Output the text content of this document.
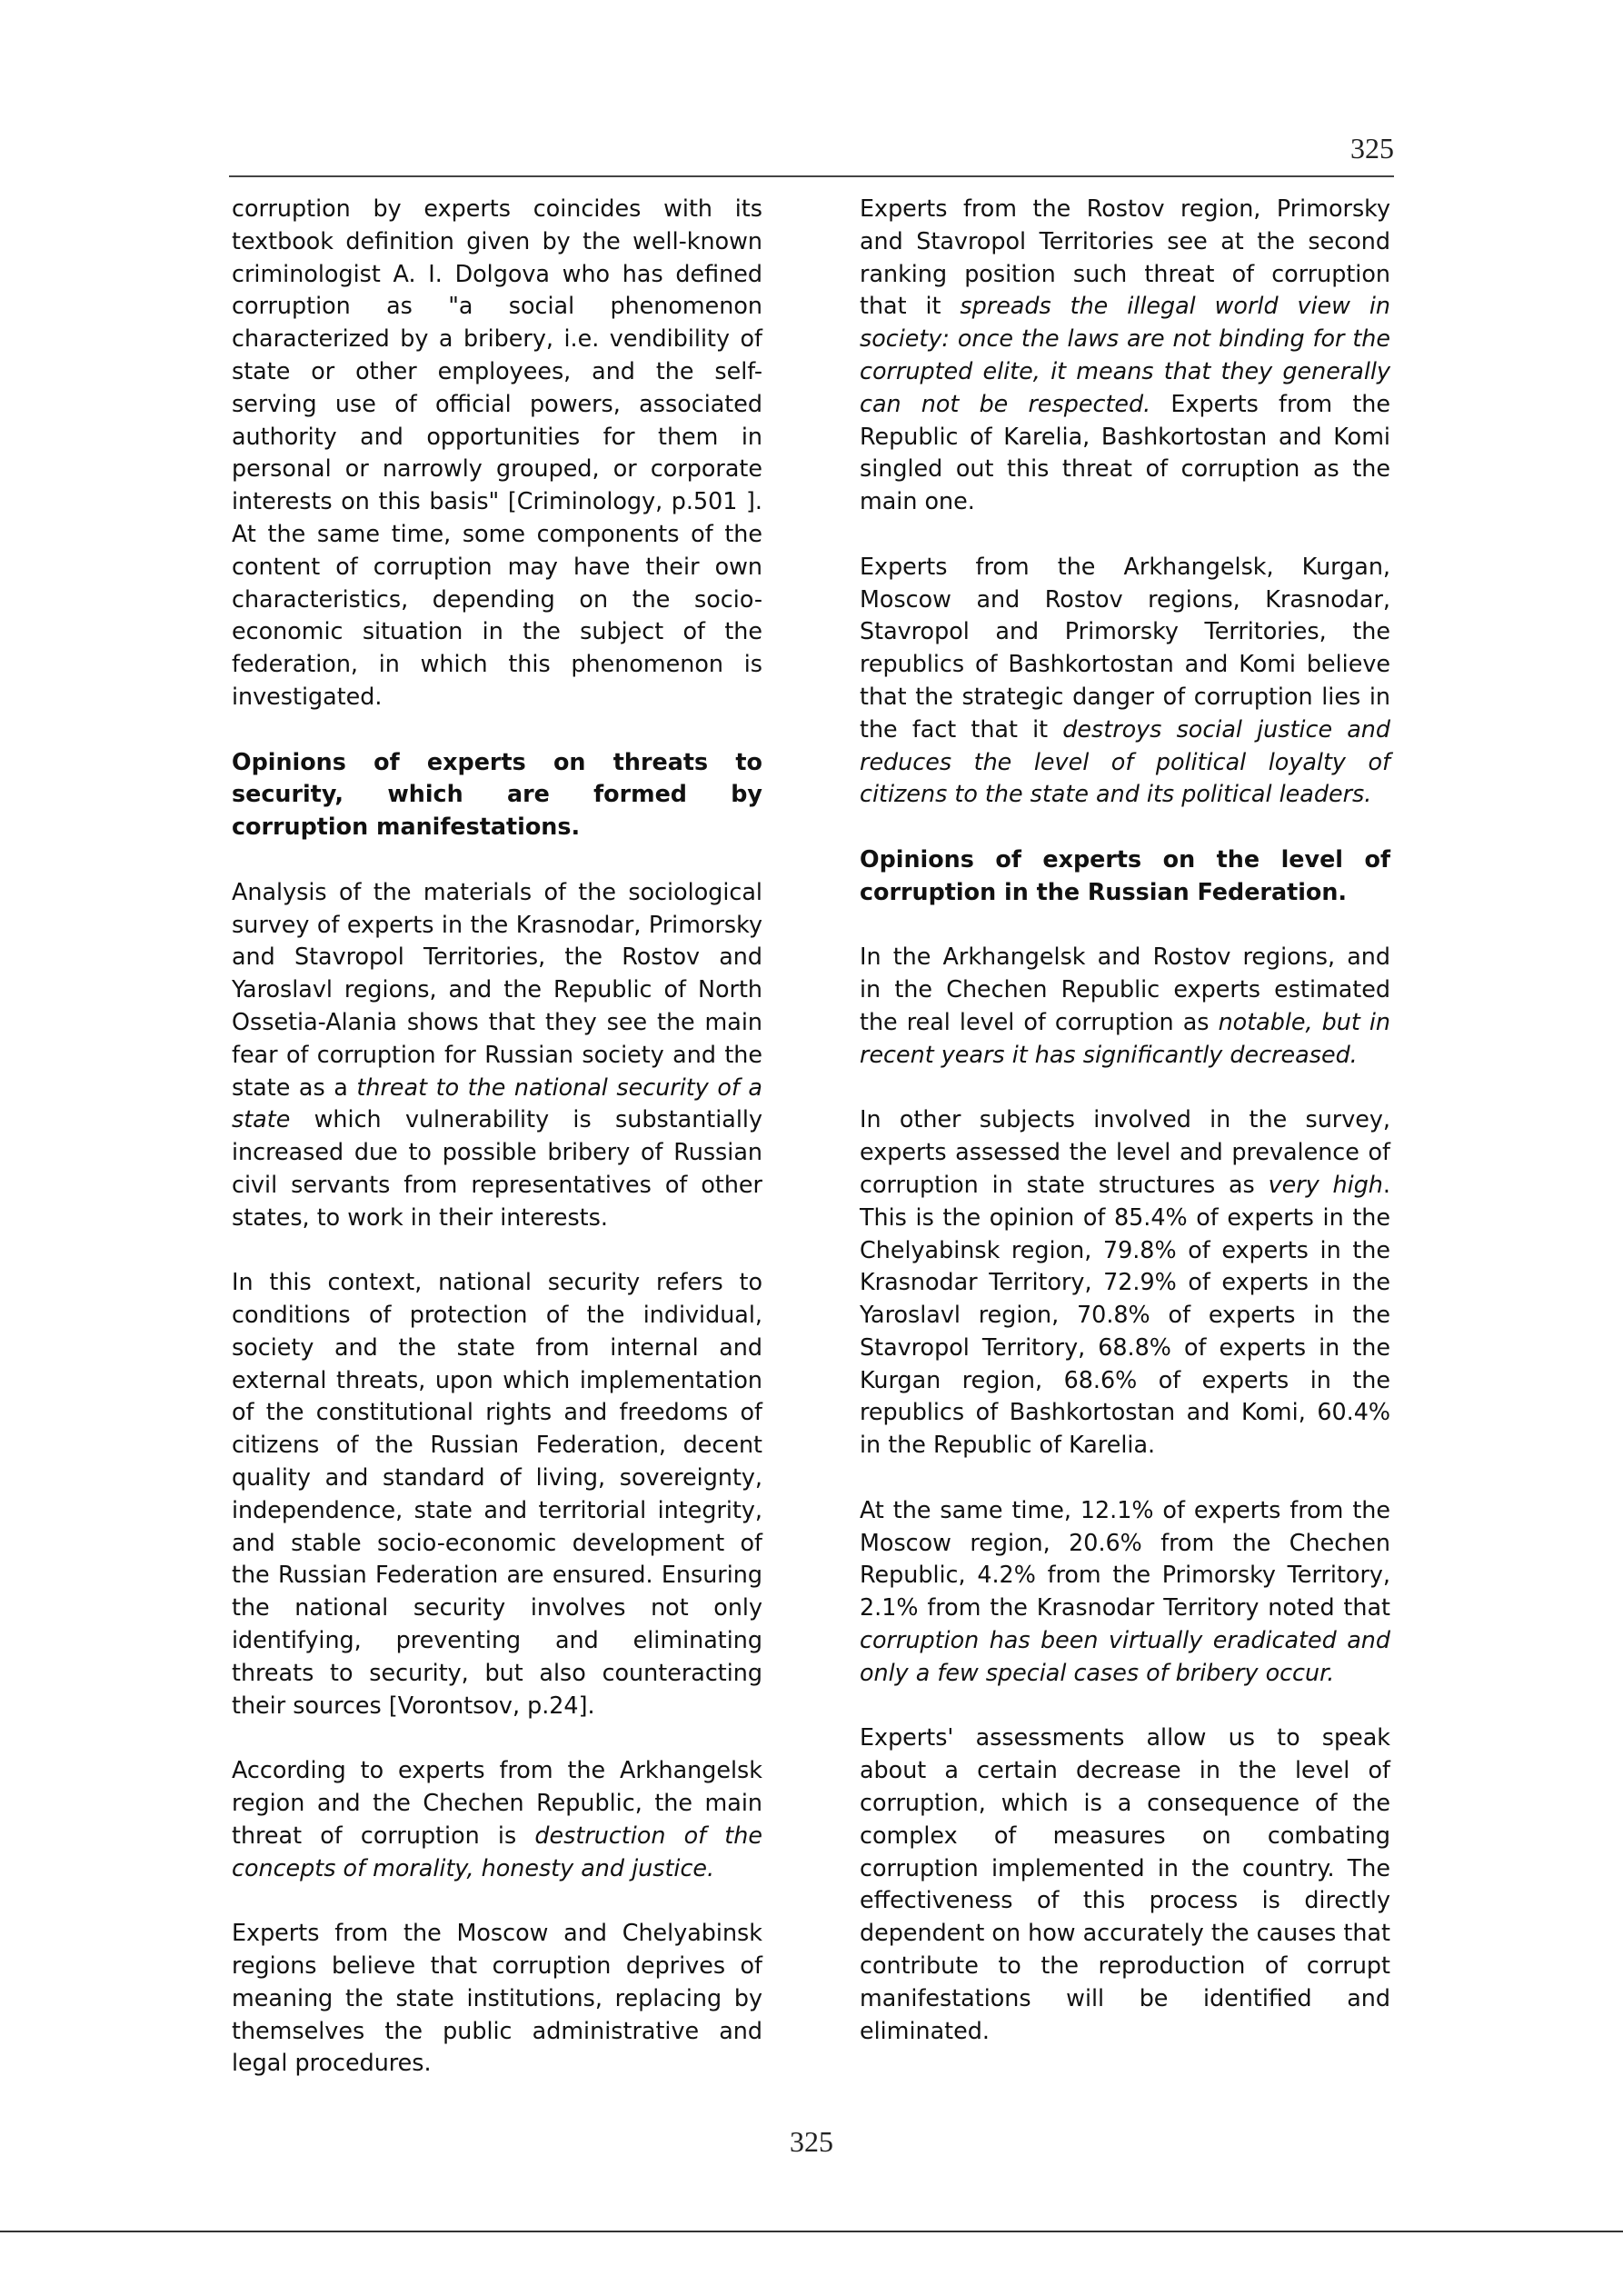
325

corruption by experts coincides with its textbook definition given by the well-known criminologist A. I. Dolgova who has defined corruption as "a social phenomenon characterized by a bribery, i.e. vendibility of state or other employees, and the self-serving use of official powers, associated authority and opportunities for them in personal or narrowly grouped, or corporate interests on this basis" [Criminology, p.501 ]. At the same time, some components of the content of corruption may have their own characteristics, depending on the socio-economic situation in the subject of the federation, in which this phenomenon is investigated.

Opinions of experts on threats to security, which are formed by corruption manifestations.

Analysis of the materials of the sociological survey of experts in the Krasnodar, Primorsky and Stavropol Territories, the Rostov and Yaroslavl regions, and the Republic of North Ossetia-Alania shows that they see the main fear of corruption for Russian society and the state as a threat to the national security of a state which vulnerability is substantially increased due to possible bribery of Russian civil servants from representatives of other states, to work in their interests.

In this context, national security refers to conditions of protection of the individual, society and the state from internal and external threats, upon which implementation of the constitutional rights and freedoms of citizens of the Russian Federation, decent quality and standard of living, sovereignty, independence, state and territorial integrity, and stable socio-economic development of the Russian Federation are ensured. Ensuring the national security involves not only identifying, preventing and eliminating threats to security, but also counteracting their sources [Vorontsov, p.24].

According to experts from the Arkhangelsk region and the Chechen Republic, the main threat of corruption is destruction of the concepts of morality, honesty and justice.

Experts from the Moscow and Chelyabinsk regions believe that corruption deprives of meaning the state institutions, replacing by themselves the public administrative and legal procedures.

Experts from the Rostov region, Primorsky and Stavropol Territories see at the second ranking position such threat of corruption that it spreads the illegal world view in society: once the laws are not binding for the corrupted elite, it means that they generally can not be respected. Experts from the Republic of Karelia, Bashkortostan and Komi singled out this threat of corruption as the main one.

Experts from the Arkhangelsk, Kurgan, Moscow and Rostov regions, Krasnodar, Stavropol and Primorsky Territories, the republics of Bashkortostan and Komi believe that the strategic danger of corruption lies in the fact that it destroys social justice and reduces the level of political loyalty of citizens to the state and its political leaders.

Opinions of experts on the level of corruption in the Russian Federation.

In the Arkhangelsk and Rostov regions, and in the Chechen Republic experts estimated the real level of corruption as notable, but in recent years it has significantly decreased.

In other subjects involved in the survey, experts assessed the level and prevalence of corruption in state structures as very high. This is the opinion of 85.4% of experts in the Chelyabinsk region, 79.8% of experts in the Krasnodar Territory, 72.9% of experts in the Yaroslavl region, 70.8% of experts in the Stavropol Territory, 68.8% of experts in the Kurgan region, 68.6% of experts in the republics of Bashkortostan and Komi, 60.4% in the Republic of Karelia.

At the same time, 12.1% of experts from the Moscow region, 20.6% from the Chechen Republic, 4.2% from the Primorsky Territory, 2.1% from the Krasnodar Territory noted that corruption has been virtually eradicated and only a few special cases of bribery occur.

Experts' assessments allow us to speak about a certain decrease in the level of corruption, which is a consequence of the complex of measures on combating corruption implemented in the country. The effectiveness of this process is directly dependent on how accurately the causes that contribute to the reproduction of corrupt manifestations will be identified and eliminated.

325
